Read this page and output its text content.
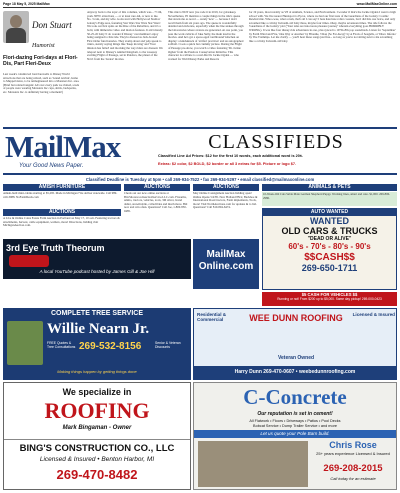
Page 18 May 5, 2025 MailMax	www.MailMaxOnline.com
Don Stuart
Humorist
Flori-dazing Fori-days at Flori-Dis, Part Fleri-Deux
Last week's column led fond farewells to Disney World attractions that are being retired, such as 'Grand Arvinn', home to Muppetvision, to be reimagineered into a Monsters Inc. area. (Brief but related tangent: All over every park we visited, scads of people were wearing Monsters Inc caps, shirts, backpacks, etc. Monsters Inc. is definitely having a moment!)
Anyway back to the topic of this columns, which was... 7! Oh, yeah. NEW attractions — or at least rare-ish, or new to me. No. 3 rain, and my wife. Gotta start with Hollywood Studios' Galaxy's Edge area, featuring Star Wars Star Wars Star Wars! We took our first spins on the Rise of the Rebellion, and it's a bold, with immersive video and motion features. It ain't merely 50-25-45 baby! I do wonder if Disney 'cast members' enjoy being assigned to this ride. They're dressed as Jack-booted First Order functionaries. They stomp about and yelp speak to riders, sternly saying things like 'Keep moving' and 'Your mission has failed' and mocking the way riders are dressed. We teleport next to Disney's Animal Kingdom, to the waaaaay exciting Flight of Passage, set in Pandora, the planet of the Na'vi from the 'Avatar' movies.
This ride is NOT new (we rode it in 2019, for gobsakes). Nevertheless, I'll mention a couple things in the ride's queue that struck me as novel — surely 'new' — because I don't recall them from six years ago. The queue is wonderfully detailed and elaborate, especially when the line snakes through the laboratories where avatars are generated. At one point, you pass the work cubicle of Jake Sully, the main lead in the movies. And he's got a space-aged 'earthbound' kitschen on display: a knickknack of 'artifact practices' and an autographed softball. I took a quick but crummy picture. During the Flight of Passage pre-show, you watch a video featuring 'Dr. Jackie Ogden' from the Pandora Conservation Initiative. This character is a tribute to a real-life Dr. Jackie Ogden — who worked for Walt Disney Parks and Resorts
for 19 years, most notably as VP of Animals, Science, and Environment. I wonder if that's the Jackie Ogden I went to high school with. We live nearer Huntsport to Epcot, where we had our first taste of the Guardians of the Galaxy: Cosmic Rewind ride. Whoo-wee, what a rush, that's all I can say! I hate hate hate roller coasters, but I did this one twice, and only screamed like a colicky 9-month-old baby three, maybe four times. Okay, maybe seventeen times. The ride follows the 'Guardians of the Galaxy' plot ('Your tales are innocuous pleasure journey' wherein everything goes HORRIBLY WRONG). It was like four disney ride adventures in one, plus synced to 1970s-80s pop soundtrack. Listen for 'September' by Earth Wind and Fire, 'One Way or Another' by Blondie, 'I Ran (So Far Away)' by A Flock of Seagulls, or 'Disco Inferno' by The Trammps. Let me clarify — you'll hear these songs just fine... as long as you're not sitting next to me screaming like a colicky 9-month-old baby.
MailMax
Your Good News Paper.
CLASSIFIEDS
Classified Line Ad Prices: $12 for the first 10 words, each additional word is 20¢.
Extras: $2 color, $2 BOLD, $2 border or all 3 extras for $5. Picture or logo $7.
Classified Deadline is Tuesday at 5pm • call 269-934-7522 • fax 269-934-5297 • email classified@mailmaxonline.com
AMISH FURNITURE	AUCTIONS	AUCTIONS	ANIMALS & PETS
Amish-built mini-cabins starting at $5,295. Made in Michigan! We deliver statewide. Call 989-410-3988. NoFarmDeals.com
AUCTIONS
A Live & Online Coins Estate Farm Auction in Portland on May 17, 10 a.m. Featuring tractors & attachments, harvest, cattle equipment, welders, more! Directions, bidding visit MichiganAuction.com.
Check out our new online auctions at Bid.ShorewoodAuctionService.LLC.com. Firearms, ammo, tractors, vehicles, tools, 3M silver, brand dailer, snowmobile, collectibles and much more. Bid now and win often. Questions? Call Joe, 1-800-850-0485.
May Online Consignment Auction bidding open! Online Opens 5/4/85. New Holland 8N/2, Backhoe & International Road tractors, Farm implements, Tools, more! Visit NorthAuctions.com for updates & to bid. Questions? Call 810-804-6474.
10-Week-Old Cuts Sable Male German Shepherd Puppy. Working lines, smart and cute. $1,000. 269-806-2986.
3rd Eye Truth Theorum
A local YouTube podcast hosted by James Gill & Joe Hill
AUTO WANTED
WANTED
OLD CARS & TRUCKS
"DEAD OR ALIVE"
60's - 70's - 80's - 90's
$$CASH$$
269-650-1711
$5 CASH FOR VEHICLES $$
Running or not! From $200 up to $5,000. Same day pickup! 269-000-0423
MailMax Online.com
COMPLETE TREE SERVICE
Willie Nearn Jr.
FREE Quotes & Tree Consultations 269-532-8156	Senior & Veteran Discounts
Making things happen by getting things done
Residential & Commercial	WEE DUNN ROOFING	Licensed & Insured
Veteran Owned
Harry Dunn 269-470-0607 • weebedunnroofing.com
We specialize in
ROOFING
Mark Bingaman - Owner
BING'S CONSTRUCTION CO., LLC
Licensed & Insured • Benton Harbor, MI
269-470-8482
C-Concrete
Our reputation is set in cement!
All Flatwork • Floors • Driveways • Patios • Pool Decks
Bobcat Service • Dump Trailer Service • and more
Let us quote your Pole Barn build.
Chris Rose
25+ years experience Licensed & Insured
269-208-2015
Call today for an estimate
